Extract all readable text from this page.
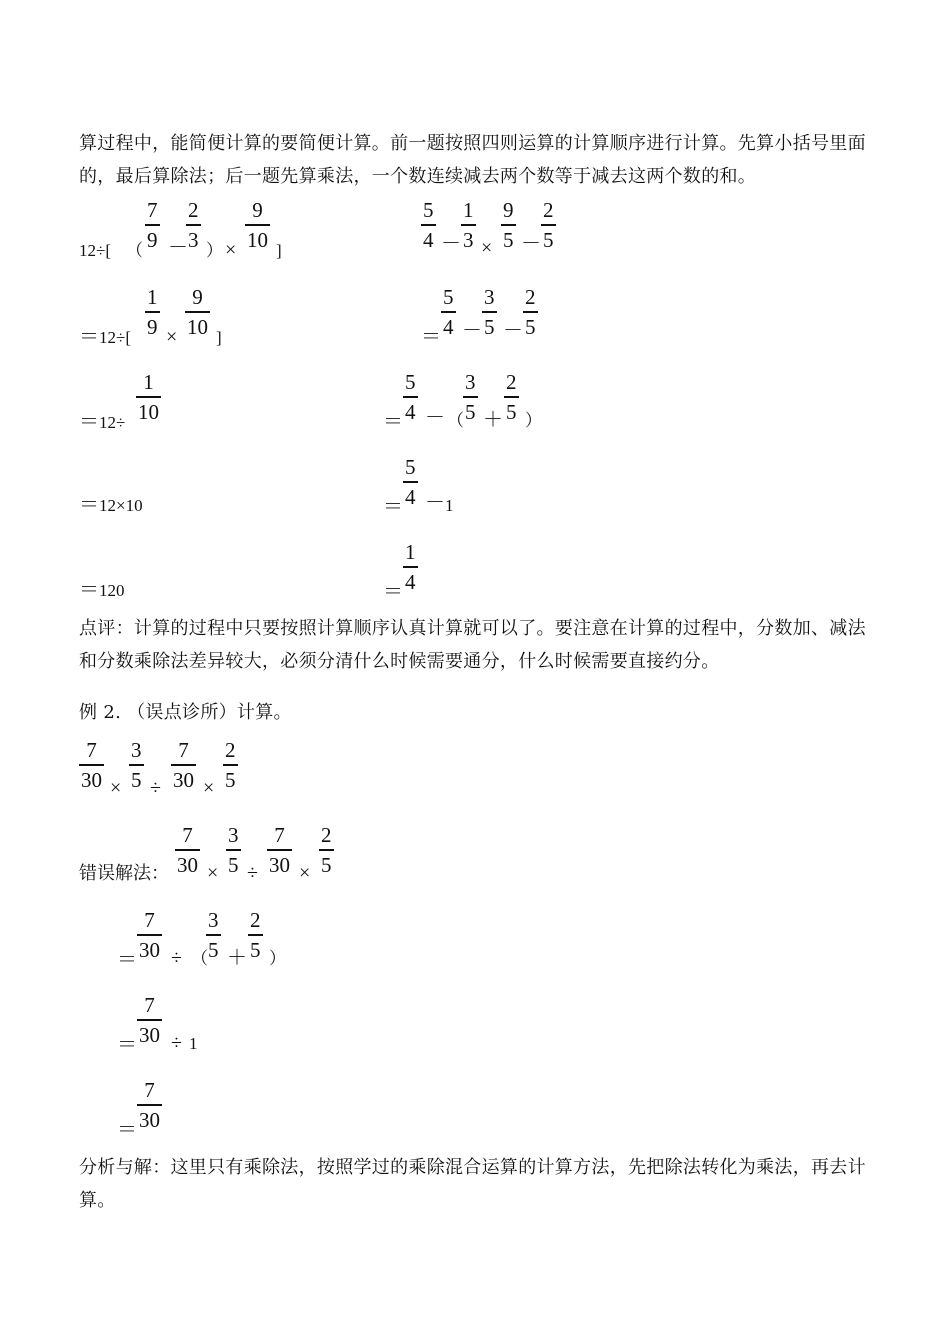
算过程中，能简便计算的要简便计算。前一题按照四则运算的计算顺序进行计算。先算小括号里面的，最后算除法；后一题先算乘法，一个数连续减去两个数等于减去这两个数的和。
12÷[ （
7
9 －
2
3 ） ×
9
10 ]
＝ 12÷[
1
9 ×
9
10 ]
＝ 12÷
1
10
＝ 12×10
＝ 120
5
4 －
1
3 ×
9
5 －
2
5
＝
5
4 －
3
5 －
2
5
＝
5
4 － （
3
5 ＋
2
5 ）
＝
5
4 － 1
＝
1
4
点评：计算的过程中只要按照计算顺序认真计算就可以了。要注意在计算的过程中，分数加、减法和分数乘除法差异较大，必须分清什么时候需要通分，什么时候需要直接约分。
例 2. （误点诊所）计算。
7
30 ×
3
5 ÷
7
30 ×
2
5
错误解法：
7
30 ×
3
5 ÷
7
30 ×
2
5
＝
7
30 ÷ （
3
5 ＋
2
5 ）
＝
7
30 ÷ 1
＝
7
30
分析与解：这里只有乘除法，按照学过的乘除混合运算的计算方法，先把除法转化为乘法，再去计算。
